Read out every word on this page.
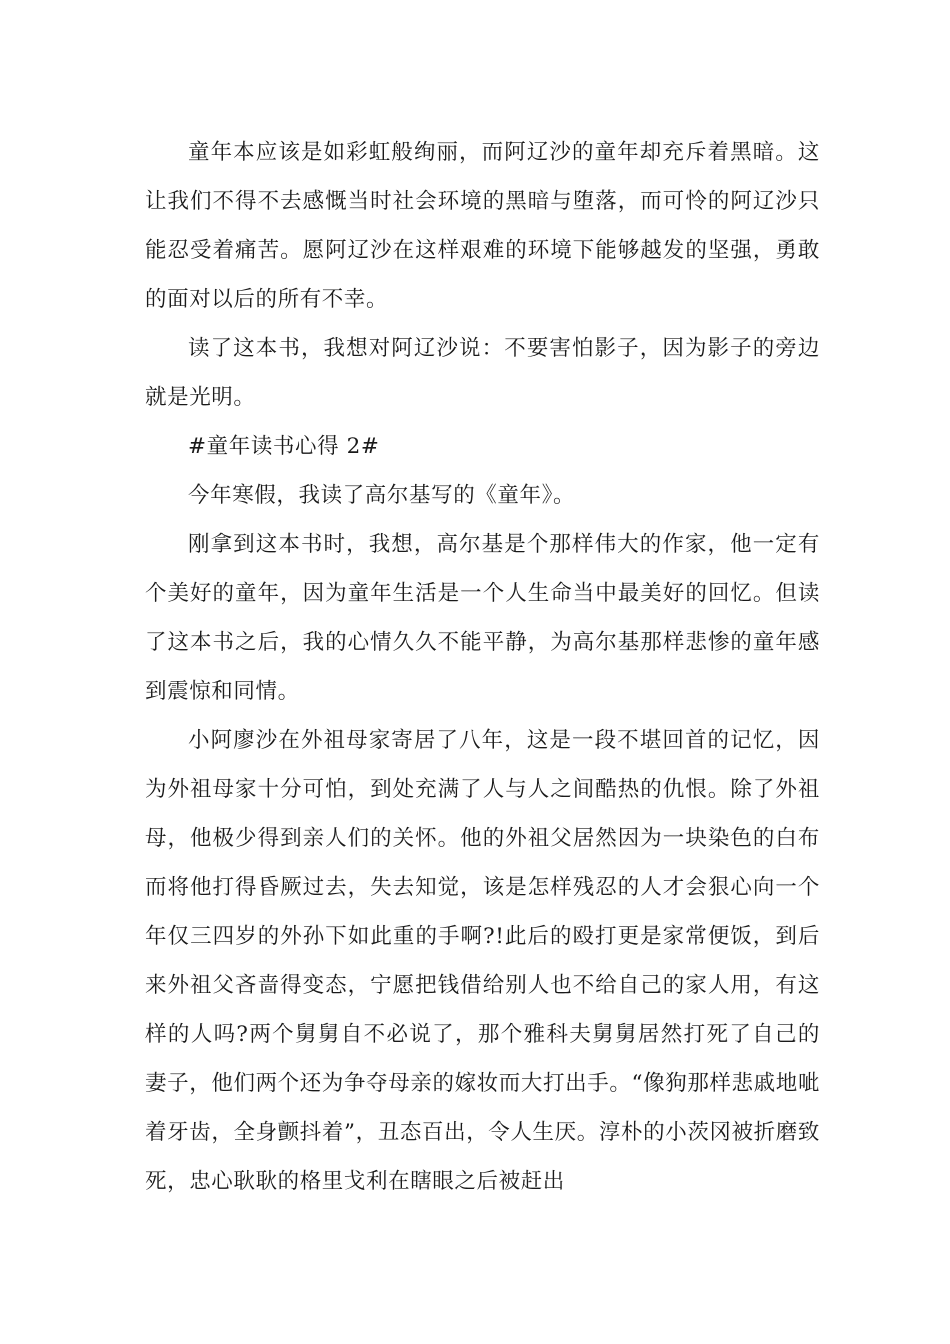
童年本应该是如彩虹般绚丽，而阿辽沙的童年却充斥着黑暗。这让我们不得不去感慨当时社会环境的黑暗与堕落，而可怜的阿辽沙只能忍受着痛苦。愿阿辽沙在这样艰难的环境下能够越发的坚强，勇敢的面对以后的所有不幸。

读了这本书，我想对阿辽沙说：不要害怕影子，因为影子的旁边就是光明。

#童年读书心得 2#

今年寒假，我读了高尔基写的《童年》。

刚拿到这本书时，我想，高尔基是个那样伟大的作家，他一定有个美好的童年，因为童年生活是一个人生命当中最美好的回忆。但读了这本书之后，我的心情久久不能平静，为高尔基那样悲惨的童年感到震惊和同情。

小阿廖沙在外祖母家寄居了八年，这是一段不堪回首的记忆，因为外祖母家十分可怕，到处充满了人与人之间酷热的仇恨。除了外祖母，他极少得到亲人们的关怀。他的外祖父居然因为一块染色的白布而将他打得昏厥过去，失去知觉，该是怎样残忍的人才会狠心向一个年仅三四岁的外孙下如此重的手啊?!此后的殴打更是家常便饭，到后来外祖父吝啬得变态，宁愿把钱借给别人也不给自己的家人用，有这样的人吗?两个舅舅自不必说了，那个雅科夫舅舅居然打死了自己的妻子，他们两个还为争夺母亲的嫁妆而大打出手。“像狗那样悲戚地呲着牙齿，全身颤抖着”，丑态百出，令人生厌。淳朴的小茨冈被折磨致死，忠心耿耿的格里戈利在瞎眼之后被赶出
